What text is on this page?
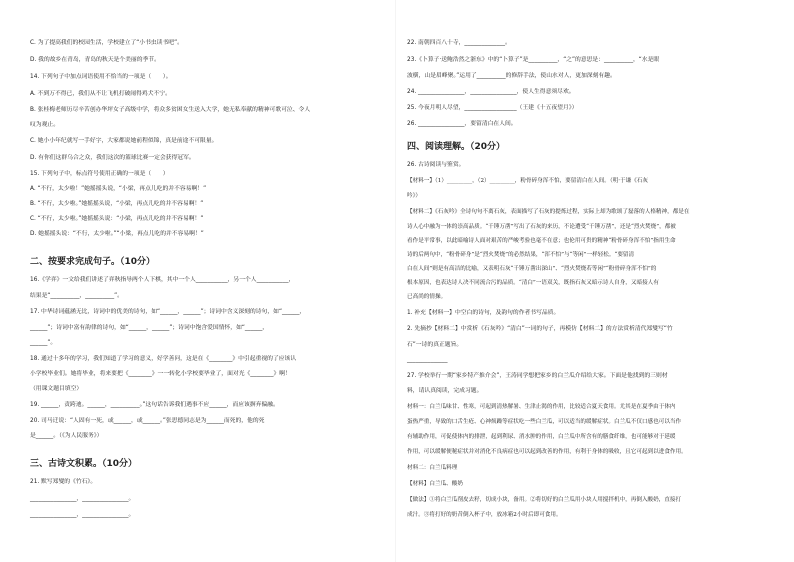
C. 为了提高我们的校园生活，学校建立了“小书虫读书吧”。
D. 我的故乡在青岛，青岛的秋天是个美丽的季节。
14. 下列句子中加点词语使用不恰当的一项是（　　）。
A. 不到万不得已，我们从不让飞机打破闹得鸡犬不宁。
B. 张桂梅老师历尽辛苦创办华坪女子高级中学，将众多贫困女生送入大学，她无私奉献的精神可歌可泣、令人
叹为观止。
C. 她小小年纪就写一手好字，大家都说她前程似锦，真是前途不可限量。
D. 有你们这群乌合之众，我们这次的篮球比赛一定会获得冠军。
15. 下列句子中，标点符号使用正确的一项是（　　）
A. “不行，太少啦！”她摇摇头说，“小梁，再点儿吃的并不容易啊！”
B. “不行，太少啦。”她摇摇头说，“小梁，再点儿吃的并不容易啊！”
C. “不行，太少啦。”她摇摇头说：“小梁，再点儿吃的并不容易啊！”
D. 她摇摇头说：“不行，太少啦。”“小梁，再点儿吃的并不容易啊！”
二、按要求完成句子。（10分）
16.《学弈》一文给我们讲述了弈秋指导两个人下棋，其中一个人___________，另一个人___________，
结果是“__________，__________”。
17. 中华诗词蕴涵无比，诗词中的优美的诗句，如“______，______”；诗词中含义深刻的诗句，如“______，
______”；诗词中富有韵律的诗句，如“______，______”；诗词中饱含爱国情怀，如“______，
______”。
18. 通过十多年的学习，我们知道了学习的意义，好学善问，这是在《________》中引起重视的了应该认
小学校毕业们。她将毕业，将来要把《________》一一转化小学校要毕业了，面对光《________》啊！
（用课文题目填空）
19. ______，责跨迪。______，__________。”这句话告诉我们遇事不应______，而应该摒弃偏融。
20. 司马迁说：“人固有一死，或______，或______。”张思德同志是为______而死的，他的死
是______。（《为人民服务》）
三、古诗文积累。（10分）
21. 默写郑燮的《竹石》。
________________，________________。
________________，________________。
22. 南朝四百八十寺，______________。
23.《卜算子·送鲍浩然之浙东》中的“卜算子”是__________，“之”的意思是：__________，“水是眼
波横，山是眉峰聚。”运用了__________的修辞手法，使山水对人，更加深刻有趣。
24. ________________，________________，使人生得意须尽欢。
25. 今夜月明人尽望，__________________（王建《十五夜望月》）
26. ________________，要留清白在人间。
四、阅读理解。（20分）
26. 古诗阅读与鉴赏。
【材料一】（1）_________，（2）_________，粉骨碎身浑不怕，要留清白在人间。（明·于谦《石灰
吟》）
【材料二】《石灰吟》全诗句句不离石灰，表面描写了石灰的提炼过程，实际上却为歌颂了磊落的人格精神，都是在
诗人心中融为一体的崇高品质。“千锤万凿”写出了石灰的来历，不论遭受“千锤万凿”，还是“烈火焚烧”，都被
看作是平常事，以此暗喻诗人面对艰苦的严峻考验也毫不在意；也伦用可贵的精神“粉骨碎身浑不怕”指用生命
诗的后两句中，“粉骨碎身”是“烈火焚烧”的必然结果，“浑不怕”与“等闲”一样轻松。“要留清
白在人间”则是有高洁的比喻，又表明石灰“千锤万凿出深山”、“烈火焚烧若等闲”“粉骨碎身浑不怕”的
根本原因，也表达诗人决不同流合污的品质。“清白”一语双关，既指石灰又暗示诗人自身，又暗接人有
已高尚的情操。
1. 补充【材料一】中空白的诗句，及韵句的作者书写品质。
2. 先摘抄【材料二】中赏析《石灰吟》“清白”一词的句子，再模仿【材料二】的方法赏析清代郑燮写“竹
石”一诗的真正题旨。
______________
27. 学校举行一期“家乡特产推介会”，王涛同学想把家乡的白兰瓜介绍给大家。下面是他找到的三则材
料，请认真阅读，完成习题。
材料一：白兰瓜味甘、性寒，可起到清热解暑、生津止渴的作用，比较适合夏天食用。尤其是在夏季由于体内
蛋热严重，导致的口舌生疮、心神烦躁等症状吃一些白兰瓜，可以适当的缓解症状。白兰瓜不仅口感也可以当作
有辅助作用，可促使体内的排泄，起到利尿、消水肿的作用，白兰瓜中所含有的膳食纤维，也可能够对于延缓
作用，可以缓解便秘症状并对消化不良病症也可以起到改善的作用，有利于身体的吸收，且它可起到以进食作用。
材料二：白兰瓜料理
【材料】白兰瓜、酸奶
【做法】①将白兰瓜削皮去籽，切成小块，备用。②将切好的白兰瓜用小块人用搅拌机中，再倒入酸奶，直接打
成汁。③将打好的奶昔倒入杯子中，放冰箱2小时后即可食用。
